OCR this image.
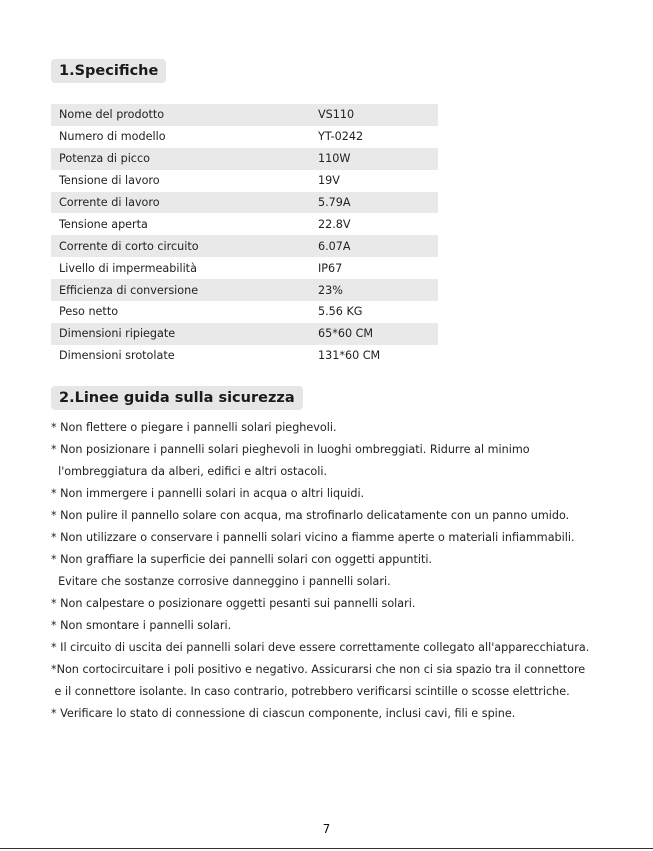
1.Specifiche
Nome del prodotto	VS110
Numero di modello	YT-0242
Potenza di picco	110W
Tensione di lavoro	19V
Corrente di lavoro	5.79A
Tensione aperta	22.8V
Corrente di corto circuito	6.07A
Livello di impermeabilità	IP67
Efficienza di conversione	23%
Peso netto	5.56 KG
Dimensioni ripiegate	65*60 CM
Dimensioni srotolate	131*60 CM
2.Linee guida sulla sicurezza
* Non flettere o piegare i pannelli solari pieghevoli.
* Non posizionare i pannelli solari pieghevoli in luoghi ombreggiati. Ridurre al minimo
l'ombreggiatura da alberi, edifici e altri ostacoli.
* Non immergere i pannelli solari in acqua o altri liquidi.
* Non pulire il pannello solare con acqua, ma strofinarlo delicatamente con un panno umido.
* Non utilizzare o conservare i pannelli solari vicino a fiamme aperte o materiali infiammabili.
* Non graffiare la superficie dei pannelli solari con oggetti appuntiti.
Evitare che sostanze corrosive danneggino i pannelli solari.
* Non calpestare o posizionare oggetti pesanti sui pannelli solari.
* Non smontare i pannelli solari.
* Il circuito di uscita dei pannelli solari deve essere correttamente collegato all'apparecchiatura.
*Non cortocircuitare i poli positivo e negativo. Assicurarsi che non ci sia spazio tra il connettore
e il connettore isolante. In caso contrario, potrebbero verificarsi scintille o scosse elettriche.
* Verificare lo stato di connessione di ciascun componente, inclusi cavi, fili e spine.
7
